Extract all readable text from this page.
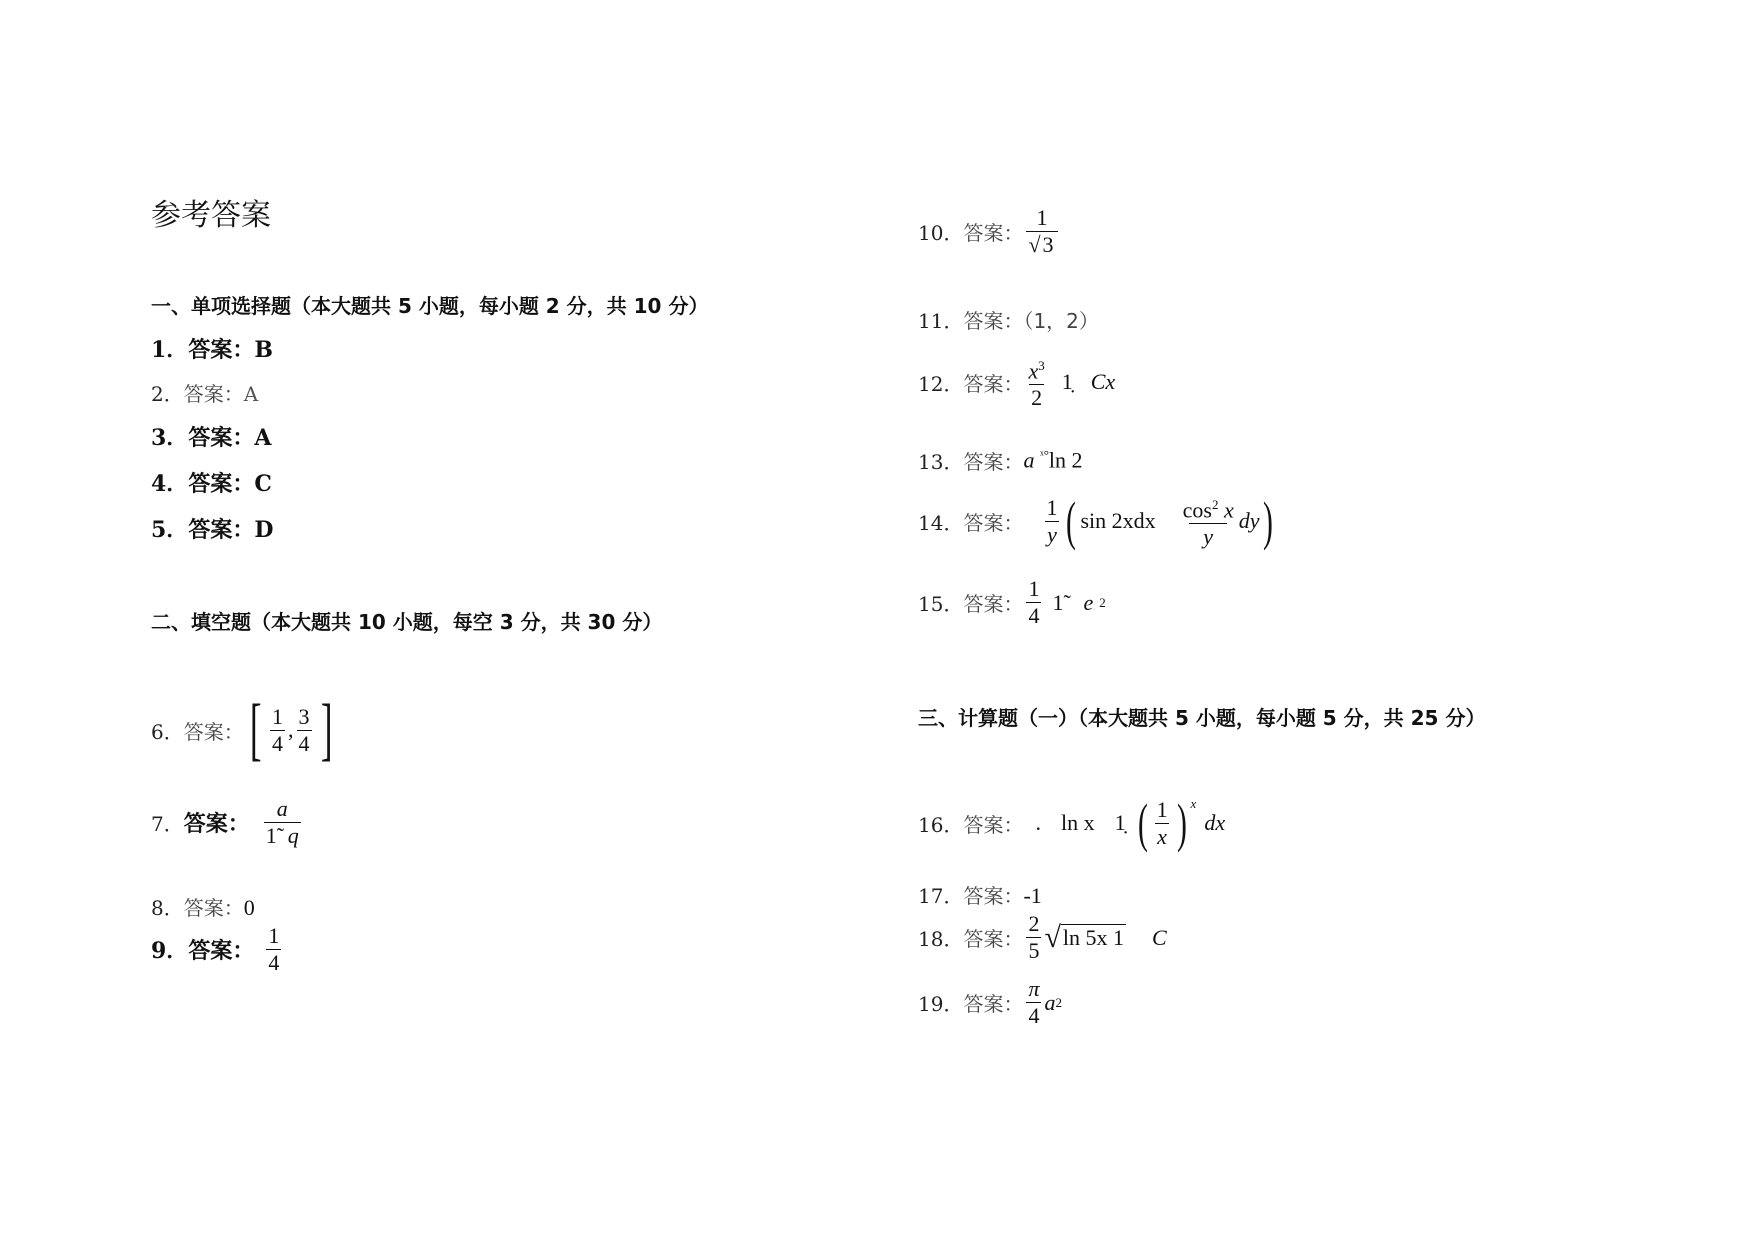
参考答案
一、单项选择题（本大题共 5 小题，每小题 2 分，共 10 分）
1．答案：B
2．答案：A
3．答案：A
4．答案：C
5．答案：D
二、填空题（本大题共 10 小题，每空 3 分，共 30 分）
6． 答案： [ $\frac{1}{4}$ , $\frac{3}{4}$ ]
7． 答案： $\frac{a}{1̃ q}$
8．答案：0
9． 答案： $\frac{1}{4}$
10． 答案： $\frac{1}{√3}$
11．答案：（1，2）
12． 答案： $\frac{x^3}{2}$ 1̣ Cx
13． 答案： a $^{ˣ^\circ}$ln 2
14． 答案： $\frac{1}{y}$ ( $\sin 2xdx \frac{\cos^2 x}{y}$ dy )
15． 答案： $\frac{1}{4}$ 1̃ e 2
三、计算题（一）（本大题共 5 小题，每小题 5 分，共 25 分）
16． 答案： . ln x 1̣ ( $\frac{1}{x}$ ) x
dx
17．答案：-1
18． 答案： $\frac{2}{5}$ √ ln 5x 1 C
19． 答案： $\frac{\pi}{4}$ a 2
